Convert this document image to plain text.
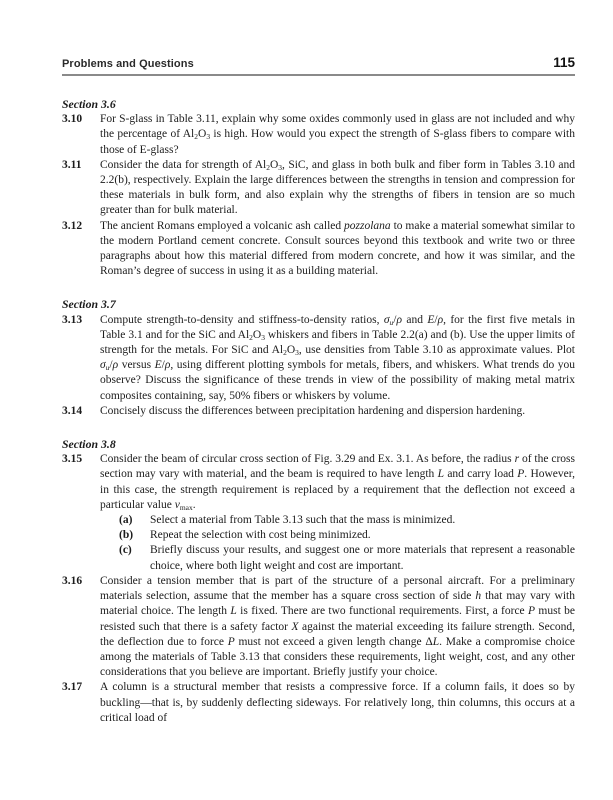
Problems and Questions	115
Section 3.6
3.10 For S-glass in Table 3.11, explain why some oxides commonly used in glass are not included and why the percentage of $Al_2O_3$ is high. How would you expect the strength of S-glass fibers to compare with those of E-glass?
3.11 Consider the data for strength of $Al_2O_3$, SiC, and glass in both bulk and fiber form in Tables 3.10 and 2.2(b), respectively. Explain the large differences between the strengths in tension and compression for these materials in bulk form, and also explain why the strengths of fibers in tension are so much greater than for bulk material.
3.12 The ancient Romans employed a volcanic ash called pozzolana to make a material somewhat similar to the modern Portland cement concrete. Consult sources beyond this textbook and write two or three paragraphs about how this material differed from modern concrete, and how it was similar, and the Roman’s degree of success in using it as a building material.
Section 3.7
3.13 Compute strength-to-density and stiffness-to-density ratios, $\sigma_u/\rho$ and E/ρ, for the first five metals in Table 3.1 and for the SiC and $Al_2O_3$ whiskers and fibers in Table 2.2(a) and (b). Use the upper limits of strength for the metals. For SiC and $Al_2O_3$, use densities from Table 3.10 as approximate values. Plot $\sigma_u/\rho$ versus E/ρ, using different plotting symbols for metals, fibers, and whiskers. What trends do you observe? Discuss the significance of these trends in view of the possibility of making metal matrix composites containing, say, 50% fibers or whiskers by volume.
3.14 Concisely discuss the differences between precipitation hardening and dispersion hardening.
Section 3.8
3.15 Consider the beam of circular cross section of Fig. 3.29 and Ex. 3.1. As before, the radius r of the cross section may vary with material, and the beam is required to have length L and carry load P. However, in this case, the strength requirement is replaced by a requirement that the deflection not exceed a particular value $v_{max}$.
(a) Select a material from Table 3.13 such that the mass is minimized.
(b) Repeat the selection with cost being minimized.
(c) Briefly discuss your results, and suggest one or more materials that represent a reasonable choice, where both light weight and cost are important.
3.16 Consider a tension member that is part of the structure of a personal aircraft. For a preliminary materials selection, assume that the member has a square cross section of side h that may vary with material choice. The length L is fixed. There are two functional requirements. First, a force P must be resisted such that there is a safety factor X against the material exceeding its failure strength. Second, the deflection due to force P must not exceed a given length change ΔL. Make a compromise choice among the materials of Table 3.13 that considers these requirements, light weight, cost, and any other considerations that you believe are important. Briefly justify your choice.
3.17 A column is a structural member that resists a compressive force. If a column fails, it does so by buckling—that is, by suddenly deflecting sideways. For relatively long, thin columns, this occurs at a critical load of
